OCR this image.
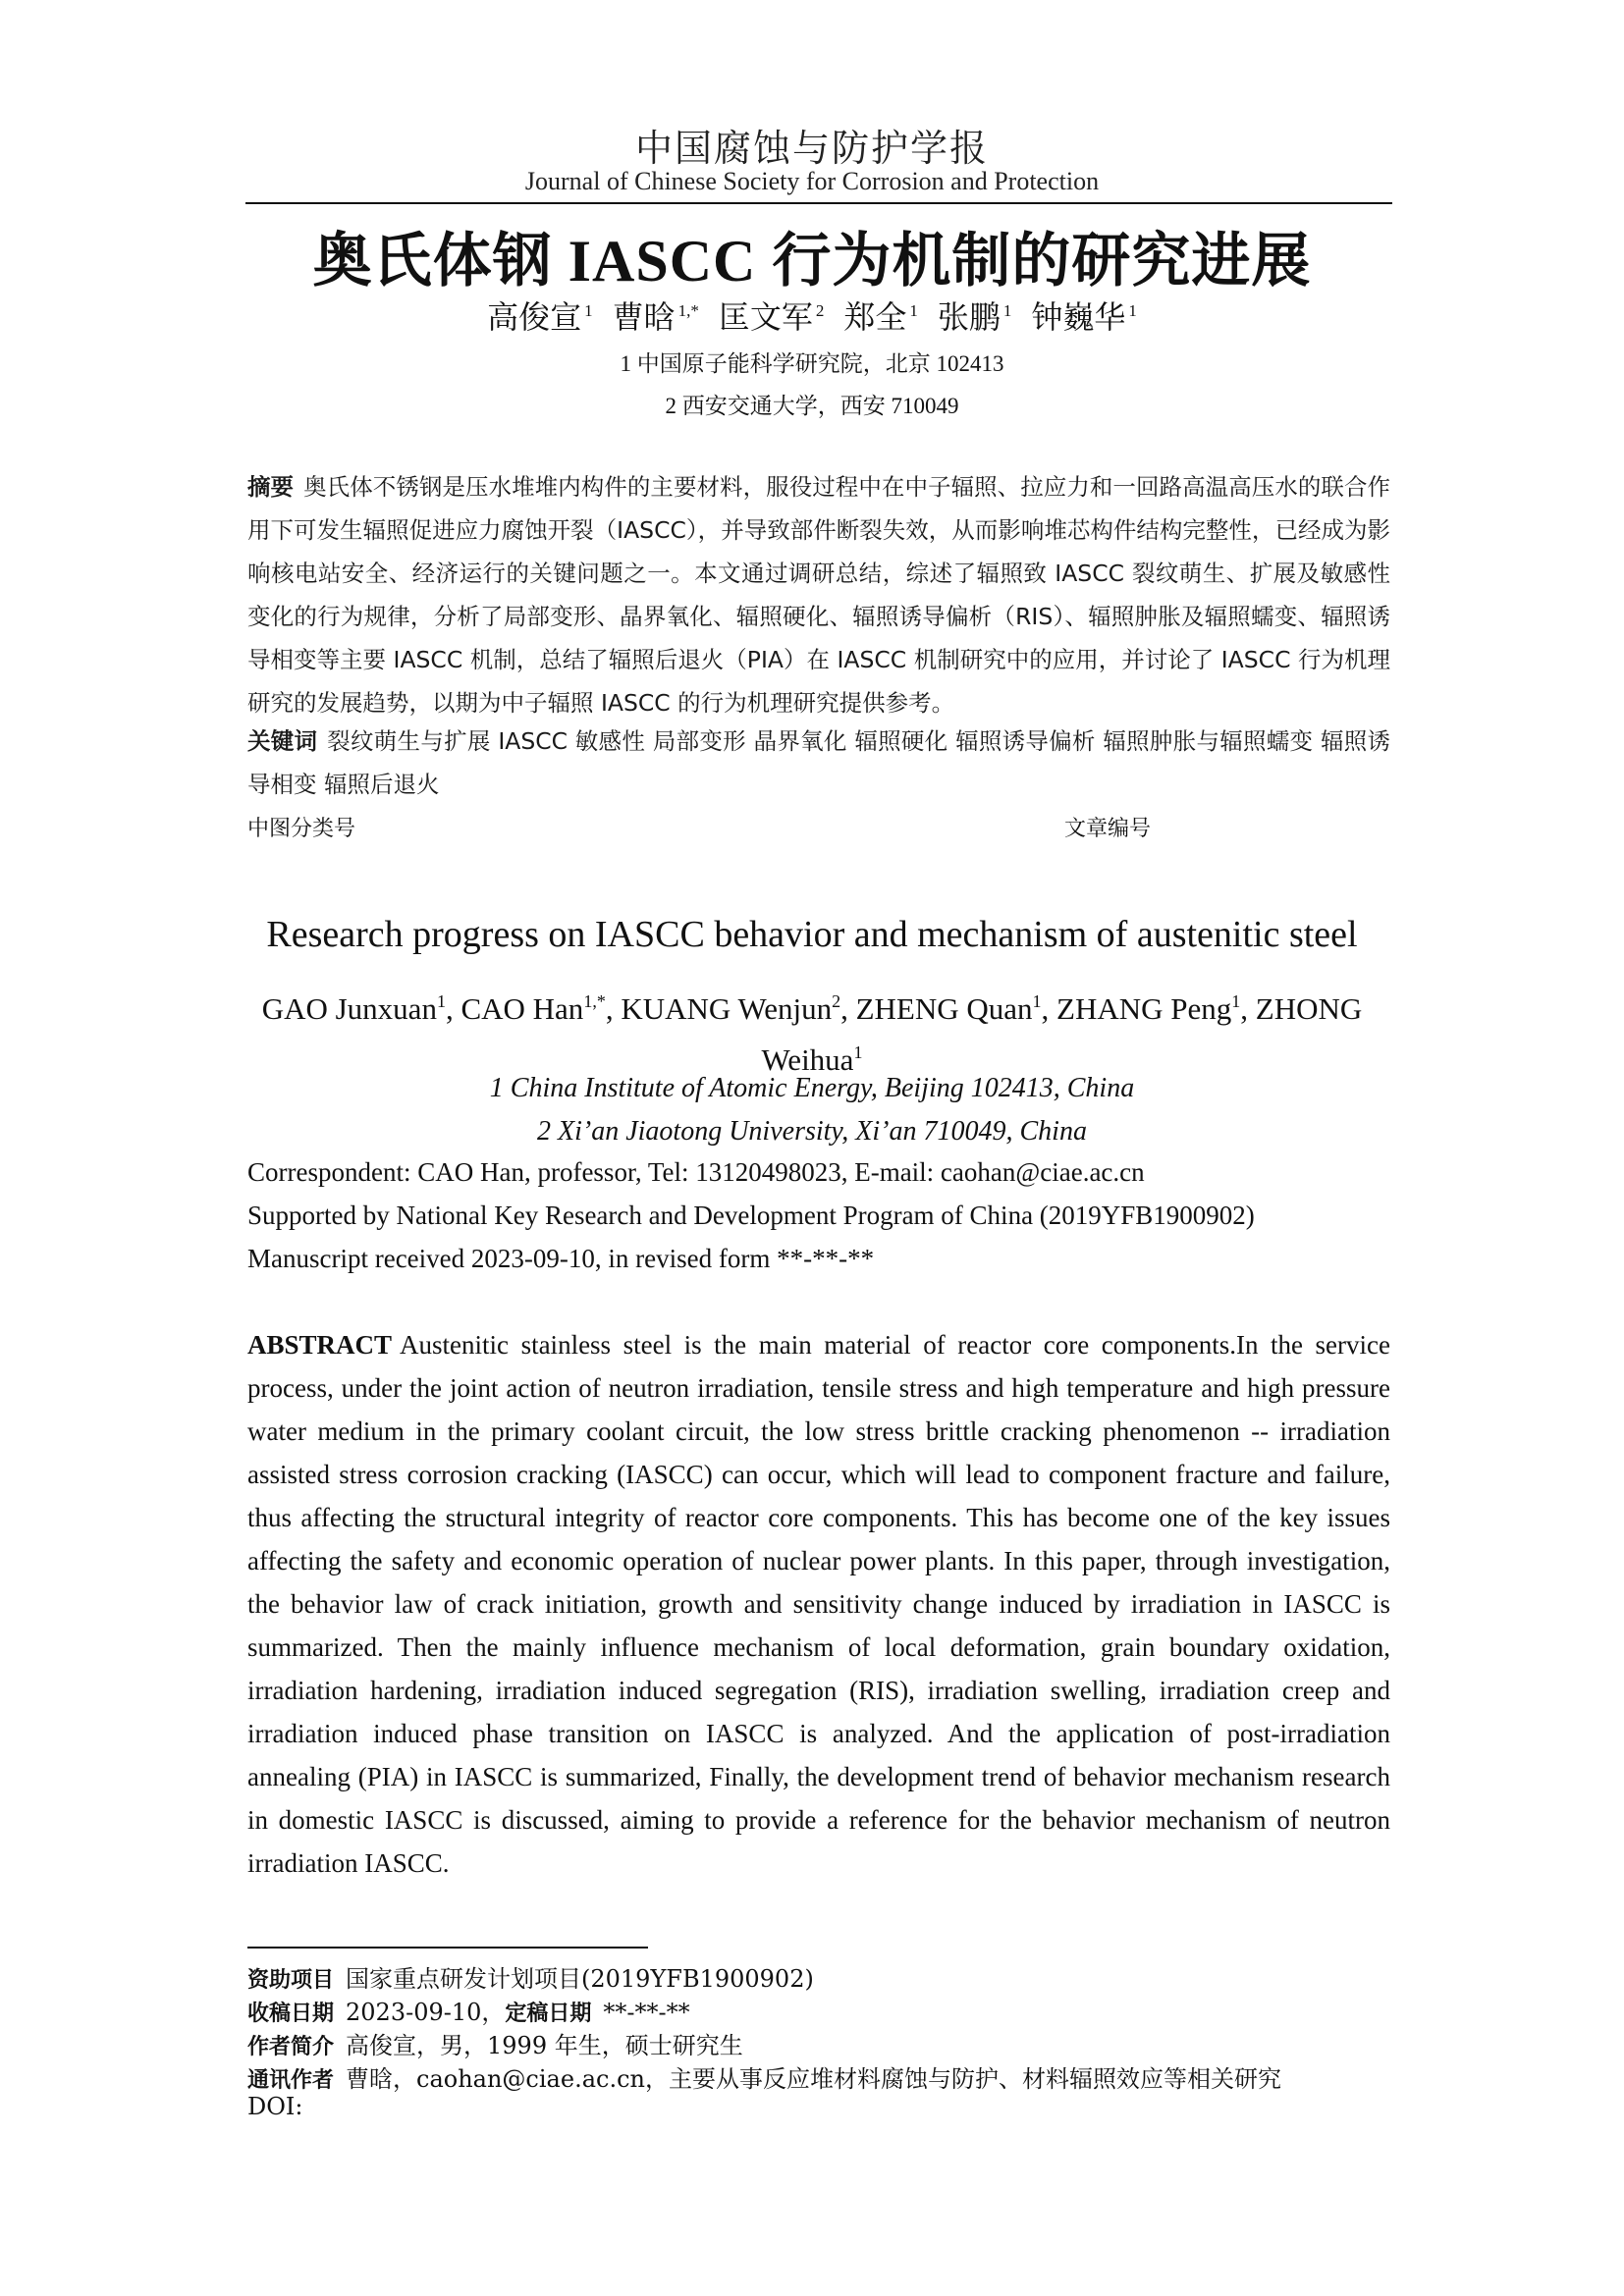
中国腐蚀与防护学报
Journal of Chinese Society for Corrosion and Protection
奥氏体钢 IASCC 行为机制的研究进展
高俊宣 $^1$ 曹晗 $^{1,*}$ 匡文军 $^2$ 郑全 $^1$ 张鹏 $^1$ 钟巍华 $^1$
1 中国原子能科学研究院，北京 102413
2 西安交通大学，西安 710049
摘要 奥氏体不锈钢是压水堆堆内构件的主要材料，服役过程中在中子辐照、拉应力和一回路高温高压水的联合作用下可发生辐照促进应力腐蚀开裂（IASCC），并导致部件断裂失效，从而影响堆芯构件结构完整性，已经成为影响核电站安全、经济运行的关键问题之一。本文通过调研总结，综述了辐照致 IASCC 裂纹萌生、扩展及敏感性变化的行为规律，分析了局部变形、晶界氧化、辐照硬化、辐照诱导偏析（RIS）、辐照肿胀及辐照蠕变、辐照诱导相变等主要 IASCC 机制，总结了辐照后退火（PIA）在 IASCC 机制研究中的应用，并讨论了 IASCC 行为机理研究的发展趋势，以期为中子辐照 IASCC 的行为机理研究提供参考。
关键词 裂纹萌生与扩展 IASCC 敏感性 局部变形 晶界氧化 辐照硬化 辐照诱导偏析 辐照肿胀与辐照蠕变 辐照诱导相变 辐照后退火
中图分类号	文章编号
Research progress on IASCC behavior and mechanism of austenitic steel
GAO Junxuan$^1$, CAO Han$^{1,*}$, KUANG Wenjun$^2$, ZHENG Quan$^1$, ZHANG Peng$^1$, ZHONG Weihua$^1$
1 China Institute of Atomic Energy, Beijing 102413, China
2 Xi’an Jiaotong University, Xi’an 710049, China
Correspondent: CAO Han, professor, Tel: 13120498023, E-mail: caohan@ciae.ac.cn
Supported by National Key Research and Development Program of China (2019YFB1900902)
Manuscript received 2023-09-10, in revised form **-**-**
ABSTRACT Austenitic stainless steel is the main material of reactor core components.In the service process, under the joint action of neutron irradiation, tensile stress and high temperature and high pressure water medium in the primary coolant circuit, the low stress brittle cracking phenomenon -- irradiation assisted stress corrosion cracking (IASCC) can occur, which will lead to component fracture and failure, thus affecting the structural integrity of reactor core components. This has become one of the key issues affecting the safety and economic operation of nuclear power plants. In this paper, through investigation, the behavior law of crack initiation, growth and sensitivity change induced by irradiation in IASCC is summarized. Then the mainly influence mechanism of local deformation, grain boundary oxidation, irradiation hardening, irradiation induced segregation (RIS), irradiation swelling, irradiation creep and irradiation induced phase transition on IASCC is analyzed. And the application of post-irradiation annealing (PIA) in IASCC is summarized, Finally, the development trend of behavior mechanism research in domestic IASCC is discussed, aiming to provide a reference for the behavior mechanism of neutron irradiation IASCC.
资助项目 国家重点研发计划项目(2019YFB1900902)
收稿日期 2023-09-10，定稿日期 **-**-**
作者简介 高俊宣，男，1999 年生，硕士研究生
通讯作者 曹晗，caohan@ciae.ac.cn，主要从事反应堆材料腐蚀与防护、材料辐照效应等相关研究
DOI:
